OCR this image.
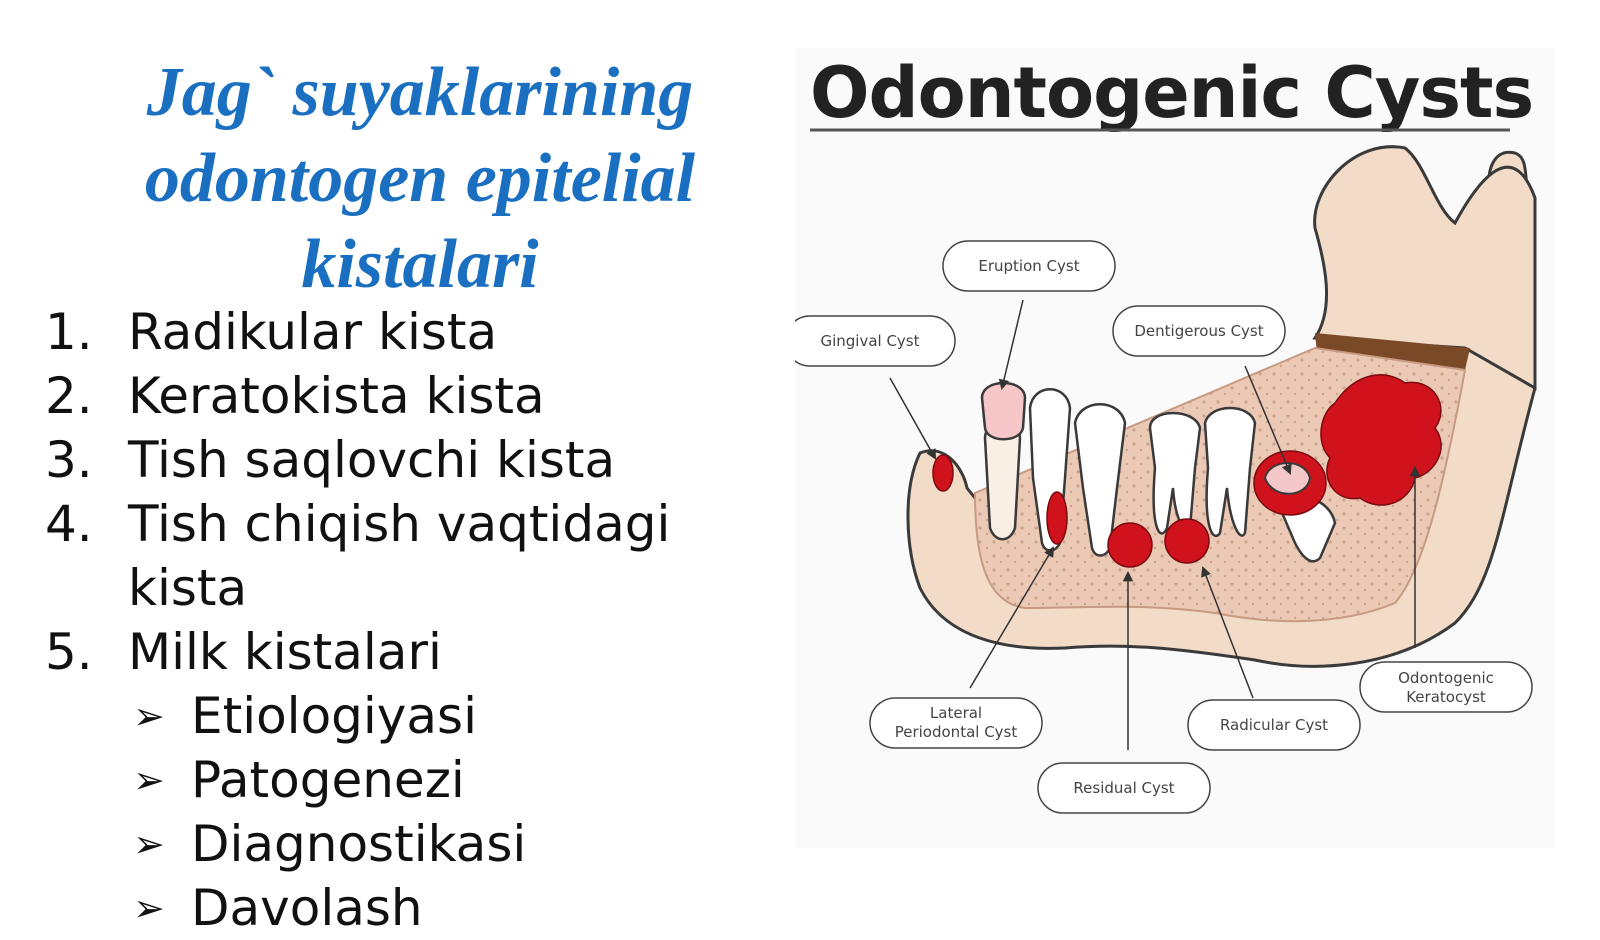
Jag` suyaklarining odontogen epitelial kistalari
1. Radikular kista
2. Keratokista kista
3. Tish saqlovchi kista
4. Tish chiqish vaqtidagi kista
5. Milk kistalari
➢ Etiologiyasi
➢ Patogenezi
➢ Diagnostikasi
➢ Davolash
Odontogenic Cysts
Eruption Cyst
Gingival Cyst
Dentigerous Cyst
Lateral
Periodontal Cyst	Radicular Cyst
Residual Cyst
Odontogenic
Keratocyst
